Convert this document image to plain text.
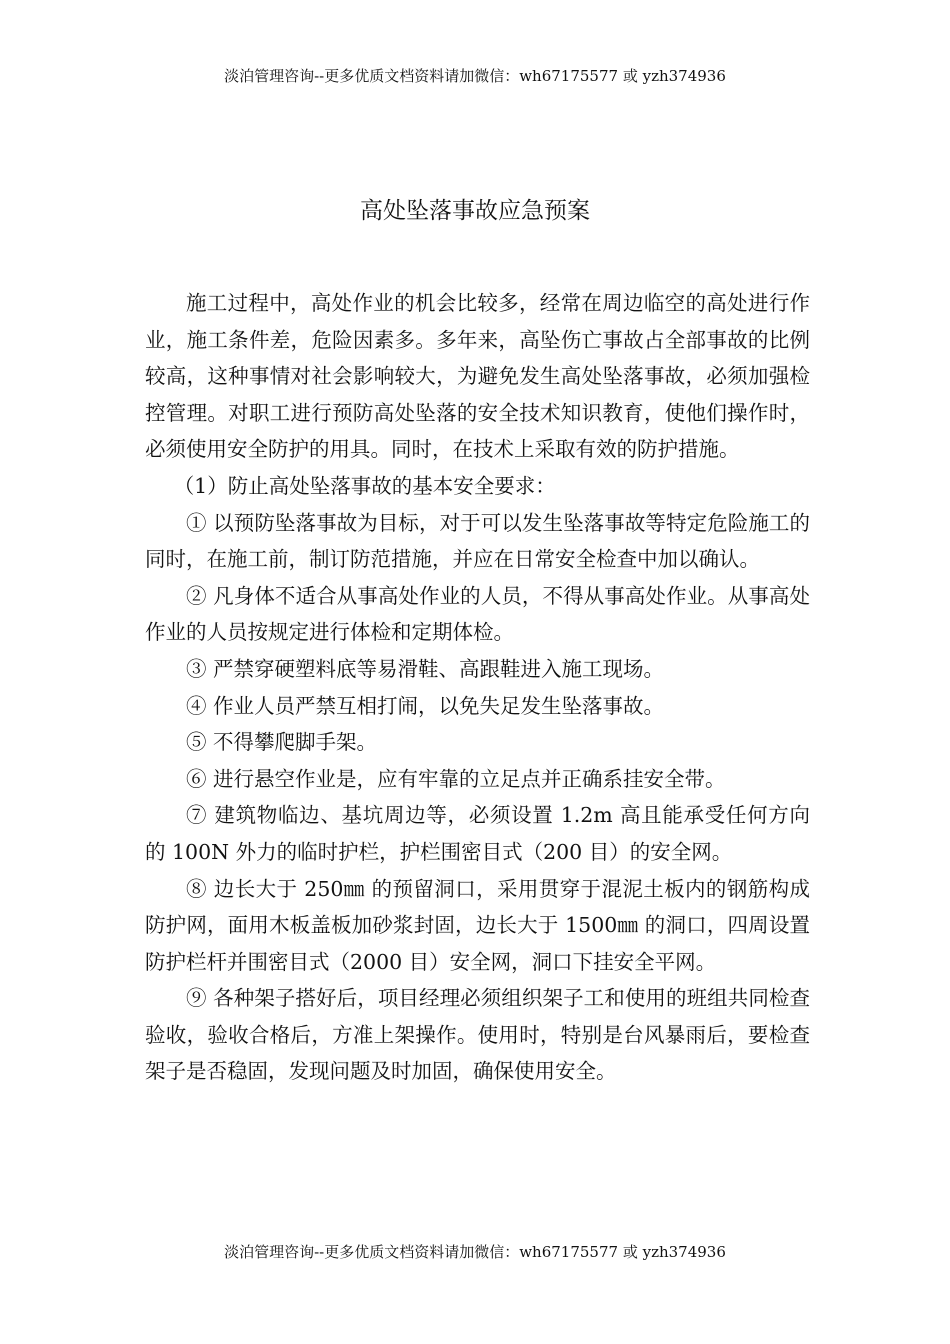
淡泊管理咨询--更多优质文档资料请加微信：wh67175577 或 yzh374936
高处坠落事故应急预案

施工过程中，高处作业的机会比较多，经常在周边临空的高处进行作业，施工条件差，危险因素多。多年来，高坠伤亡事故占全部事故的比例较高，这种事情对社会影响较大，为避免发生高处坠落事故，必须加强检控管理。对职工进行预防高处坠落的安全技术知识教育，使他们操作时，必须使用安全防护的用具。同时，在技术上采取有效的防护措施。

（1）防止高处坠落事故的基本安全要求：

① 以预防坠落事故为目标，对于可以发生坠落事故等特定危险施工的同时，在施工前，制订防范措施，并应在日常安全检查中加以确认。

② 凡身体不适合从事高处作业的人员，不得从事高处作业。从事高处作业的人员按规定进行体检和定期体检。

③ 严禁穿硬塑料底等易滑鞋、高跟鞋进入施工现场。

④ 作业人员严禁互相打闹，以免失足发生坠落事故。

⑤ 不得攀爬脚手架。

⑥ 进行悬空作业是，应有牢靠的立足点并正确系挂安全带。

⑦ 建筑物临边、基坑周边等，必须设置 1.2m 高且能承受任何方向的 100N 外力的临时护栏，护栏围密目式（200 目）的安全网。

⑧ 边长大于 250㎜ 的预留洞口，采用贯穿于混泥土板内的钢筋构成防护网，面用木板盖板加砂浆封固，边长大于 1500㎜ 的洞口，四周设置防护栏杆并围密目式（2000 目）安全网，洞口下挂安全平网。

⑨ 各种架子搭好后，项目经理必须组织架子工和使用的班组共同检查验收，验收合格后，方准上架操作。使用时，特别是台风暴雨后，要检查架子是否稳固，发现问题及时加固，确保使用安全。

淡泊管理咨询--更多优质文档资料请加微信：wh67175577 或 yzh374936
